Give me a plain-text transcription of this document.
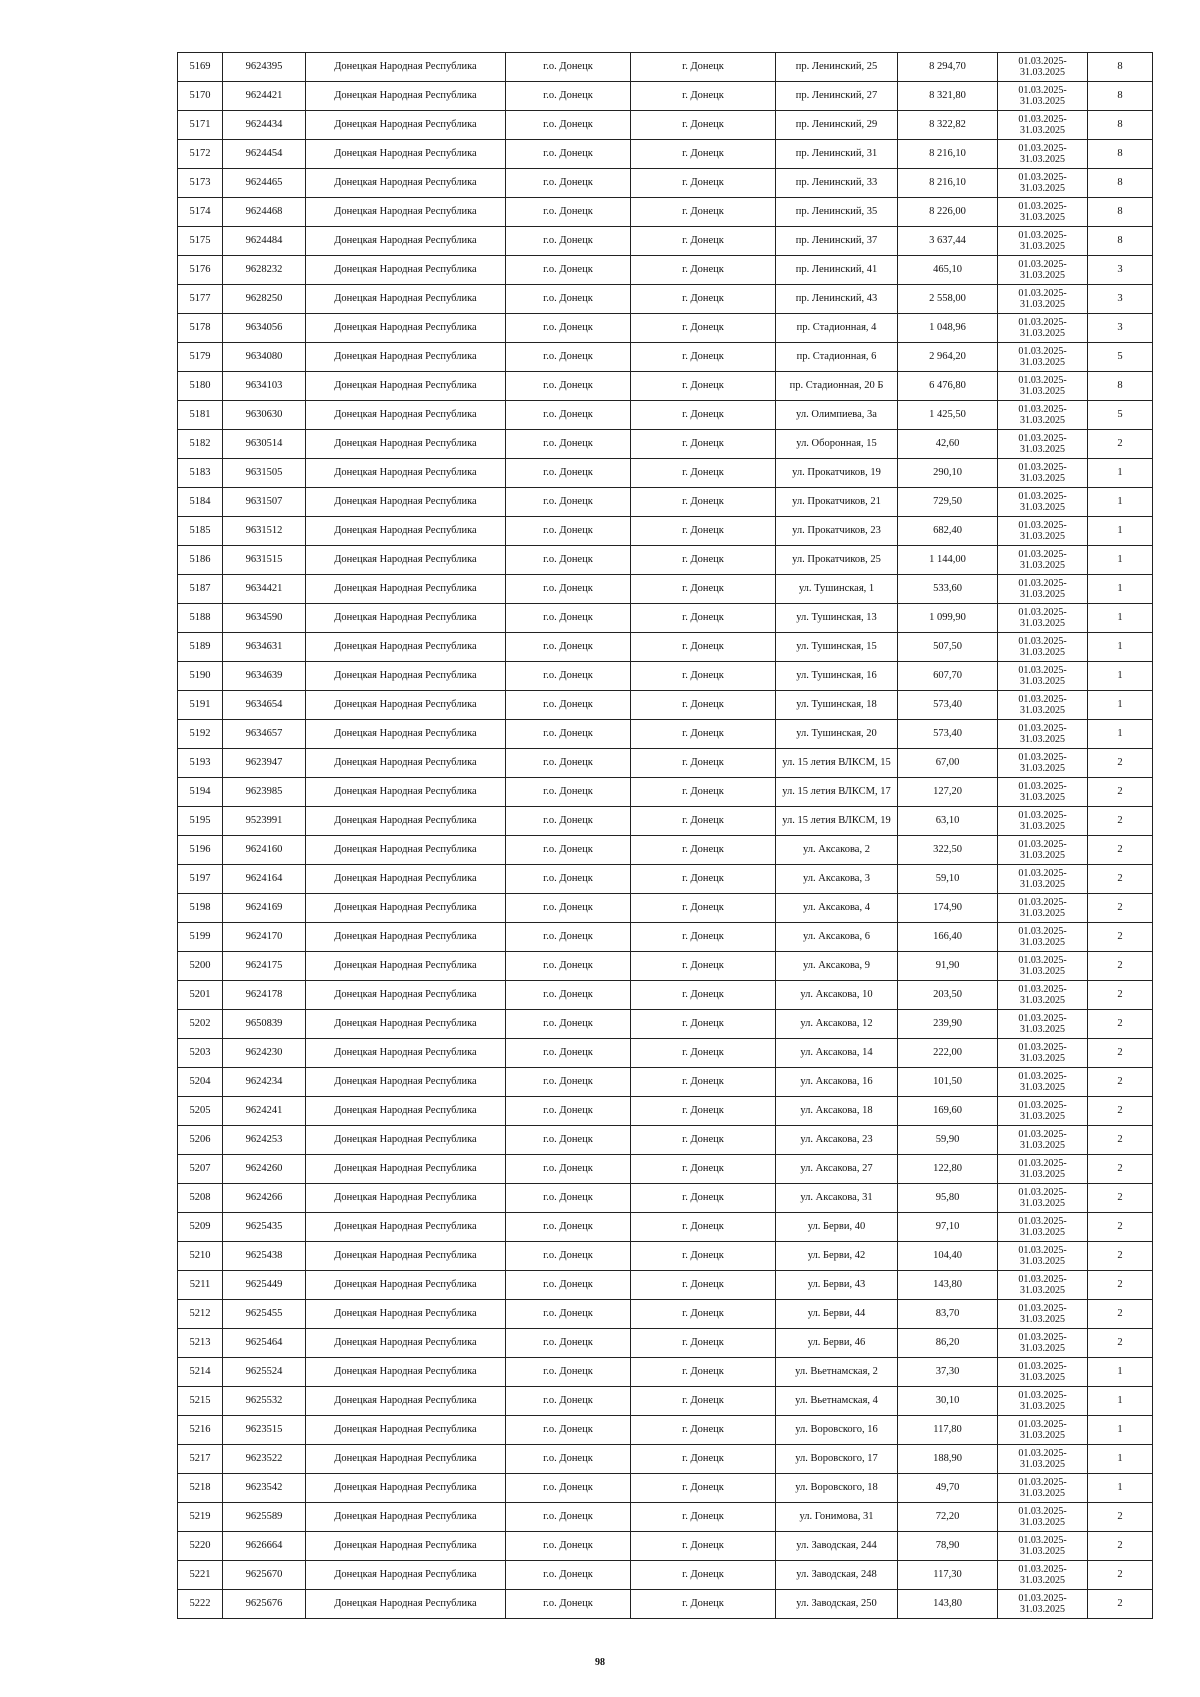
5169	9624395	Донецкая Народная Республика	г.о. Донецк	г. Донецк	пр. Ленинский, 25	8 294,70	01.03.2025-
31.03.2025	8
5170	9624421	Донецкая Народная Республика	г.о. Донецк	г. Донецк	пр. Ленинский, 27	8 321,80	01.03.2025-
31.03.2025	8
5171	9624434	Донецкая Народная Республика	г.о. Донецк	г. Донецк	пр. Ленинский, 29	8 322,82	01.03.2025-
31.03.2025	8
5172	9624454	Донецкая Народная Республика	г.о. Донецк	г. Донецк	пр. Ленинский, 31	8 216,10	01.03.2025-
31.03.2025	8
5173	9624465	Донецкая Народная Республика	г.о. Донецк	г. Донецк	пр. Ленинский, 33	8 216,10	01.03.2025-
31.03.2025	8
5174	9624468	Донецкая Народная Республика	г.о. Донецк	г. Донецк	пр. Ленинский, 35	8 226,00	01.03.2025-
31.03.2025	8
5175	9624484	Донецкая Народная Республика	г.о. Донецк	г. Донецк	пр. Ленинский, 37	3 637,44	01.03.2025-
31.03.2025	8
5176	9628232	Донецкая Народная Республика	г.о. Донецк	г. Донецк	пр. Ленинский, 41	465,10	01.03.2025-
31.03.2025	3
5177	9628250	Донецкая Народная Республика	г.о. Донецк	г. Донецк	пр. Ленинский, 43	2 558,00	01.03.2025-
31.03.2025	3
5178	9634056	Донецкая Народная Республика	г.о. Донецк	г. Донецк	пр. Стадионная, 4	1 048,96	01.03.2025-
31.03.2025	3
5179	9634080	Донецкая Народная Республика	г.о. Донецк	г. Донецк	пр. Стадионная, 6	2 964,20	01.03.2025-
31.03.2025	5
5180	9634103	Донецкая Народная Республика	г.о. Донецк	г. Донецк	пр. Стадионная, 20 Б	6 476,80	01.03.2025-
31.03.2025	8
5181	9630630	Донецкая Народная Республика	г.о. Донецк	г. Донецк	ул. Олимпиева, 3а	1 425,50	01.03.2025-
31.03.2025	5
5182	9630514	Донецкая Народная Республика	г.о. Донецк	г. Донецк	ул. Оборонная, 15	42,60	01.03.2025-
31.03.2025	2
5183	9631505	Донецкая Народная Республика	г.о. Донецк	г. Донецк	ул. Прокатчиков, 19	290,10	01.03.2025-
31.03.2025	1
5184	9631507	Донецкая Народная Республика	г.о. Донецк	г. Донецк	ул. Прокатчиков, 21	729,50	01.03.2025-
31.03.2025	1
5185	9631512	Донецкая Народная Республика	г.о. Донецк	г. Донецк	ул. Прокатчиков, 23	682,40	01.03.2025-
31.03.2025	1
5186	9631515	Донецкая Народная Республика	г.о. Донецк	г. Донецк	ул. Прокатчиков, 25	1 144,00	01.03.2025-
31.03.2025	1
5187	9634421	Донецкая Народная Республика	г.о. Донецк	г. Донецк	ул. Тушинская, 1	533,60	01.03.2025-
31.03.2025	1
5188	9634590	Донецкая Народная Республика	г.о. Донецк	г. Донецк	ул. Тушинская, 13	1 099,90	01.03.2025-
31.03.2025	1
5189	9634631	Донецкая Народная Республика	г.о. Донецк	г. Донецк	ул. Тушинская, 15	507,50	01.03.2025-
31.03.2025	1
5190	9634639	Донецкая Народная Республика	г.о. Донецк	г. Донецк	ул. Тушинская, 16	607,70	01.03.2025-
31.03.2025	1
5191	9634654	Донецкая Народная Республика	г.о. Донецк	г. Донецк	ул. Тушинская, 18	573,40	01.03.2025-
31.03.2025	1
5192	9634657	Донецкая Народная Республика	г.о. Донецк	г. Донецк	ул. Тушинская, 20	573,40	01.03.2025-
31.03.2025	1
5193	9623947	Донецкая Народная Республика	г.о. Донецк	г. Донецк	ул. 15 летия ВЛКСМ, 15	67,00	01.03.2025-
31.03.2025	2
5194	9623985	Донецкая Народная Республика	г.о. Донецк	г. Донецк	ул. 15 летия ВЛКСМ, 17	127,20	01.03.2025-
31.03.2025	2
5195	9523991	Донецкая Народная Республика	г.о. Донецк	г. Донецк	ул. 15 летия ВЛКСМ, 19	63,10	01.03.2025-
31.03.2025	2
5196	9624160	Донецкая Народная Республика	г.о. Донецк	г. Донецк	ул. Аксакова, 2	322,50	01.03.2025-
31.03.2025	2
5197	9624164	Донецкая Народная Республика	г.о. Донецк	г. Донецк	ул. Аксакова, 3	59,10	01.03.2025-
31.03.2025	2
5198	9624169	Донецкая Народная Республика	г.о. Донецк	г. Донецк	ул. Аксакова, 4	174,90	01.03.2025-
31.03.2025	2
5199	9624170	Донецкая Народная Республика	г.о. Донецк	г. Донецк	ул. Аксакова, 6	166,40	01.03.2025-
31.03.2025	2
5200	9624175	Донецкая Народная Республика	г.о. Донецк	г. Донецк	ул. Аксакова, 9	91,90	01.03.2025-
31.03.2025	2
5201	9624178	Донецкая Народная Республика	г.о. Донецк	г. Донецк	ул. Аксакова, 10	203,50	01.03.2025-
31.03.2025	2
5202	9650839	Донецкая Народная Республика	г.о. Донецк	г. Донецк	ул. Аксакова, 12	239,90	01.03.2025-
31.03.2025	2
5203	9624230	Донецкая Народная Республика	г.о. Донецк	г. Донецк	ул. Аксакова, 14	222,00	01.03.2025-
31.03.2025	2
5204	9624234	Донецкая Народная Республика	г.о. Донецк	г. Донецк	ул. Аксакова, 16	101,50	01.03.2025-
31.03.2025	2
5205	9624241	Донецкая Народная Республика	г.о. Донецк	г. Донецк	ул. Аксакова, 18	169,60	01.03.2025-
31.03.2025	2
5206	9624253	Донецкая Народная Республика	г.о. Донецк	г. Донецк	ул. Аксакова, 23	59,90	01.03.2025-
31.03.2025	2
5207	9624260	Донецкая Народная Республика	г.о. Донецк	г. Донецк	ул. Аксакова, 27	122,80	01.03.2025-
31.03.2025	2
5208	9624266	Донецкая Народная Республика	г.о. Донецк	г. Донецк	ул. Аксакова, 31	95,80	01.03.2025-
31.03.2025	2
5209	9625435	Донецкая Народная Республика	г.о. Донецк	г. Донецк	ул. Берви, 40	97,10	01.03.2025-
31.03.2025	2
5210	9625438	Донецкая Народная Республика	г.о. Донецк	г. Донецк	ул. Берви, 42	104,40	01.03.2025-
31.03.2025	2
5211	9625449	Донецкая Народная Республика	г.о. Донецк	г. Донецк	ул. Берви, 43	143,80	01.03.2025-
31.03.2025	2
5212	9625455	Донецкая Народная Республика	г.о. Донецк	г. Донецк	ул. Берви, 44	83,70	01.03.2025-
31.03.2025	2
5213	9625464	Донецкая Народная Республика	г.о. Донецк	г. Донецк	ул. Берви, 46	86,20	01.03.2025-
31.03.2025	2
5214	9625524	Донецкая Народная Республика	г.о. Донецк	г. Донецк	ул. Вьетнамская, 2	37,30	01.03.2025-
31.03.2025	1
5215	9625532	Донецкая Народная Республика	г.о. Донецк	г. Донецк	ул. Вьетнамская, 4	30,10	01.03.2025-
31.03.2025	1
5216	9623515	Донецкая Народная Республика	г.о. Донецк	г. Донецк	ул. Воровского, 16	117,80	01.03.2025-
31.03.2025	1
5217	9623522	Донецкая Народная Республика	г.о. Донецк	г. Донецк	ул. Воровского, 17	188,90	01.03.2025-
31.03.2025	1
5218	9623542	Донецкая Народная Республика	г.о. Донецк	г. Донецк	ул. Воровского, 18	49,70	01.03.2025-
31.03.2025	1
5219	9625589	Донецкая Народная Республика	г.о. Донецк	г. Донецк	ул. Гонимова, 31	72,20	01.03.2025-
31.03.2025	2
5220	9626664	Донецкая Народная Республика	г.о. Донецк	г. Донецк	ул. Заводская, 244	78,90	01.03.2025-
31.03.2025	2
5221	9625670	Донецкая Народная Республика	г.о. Донецк	г. Донецк	ул. Заводская, 248	117,30	01.03.2025-
31.03.2025	2
5222	9625676	Донецкая Народная Республика	г.о. Донецк	г. Донецк	ул. Заводская, 250	143,80	01.03.2025-
31.03.2025	2
98
